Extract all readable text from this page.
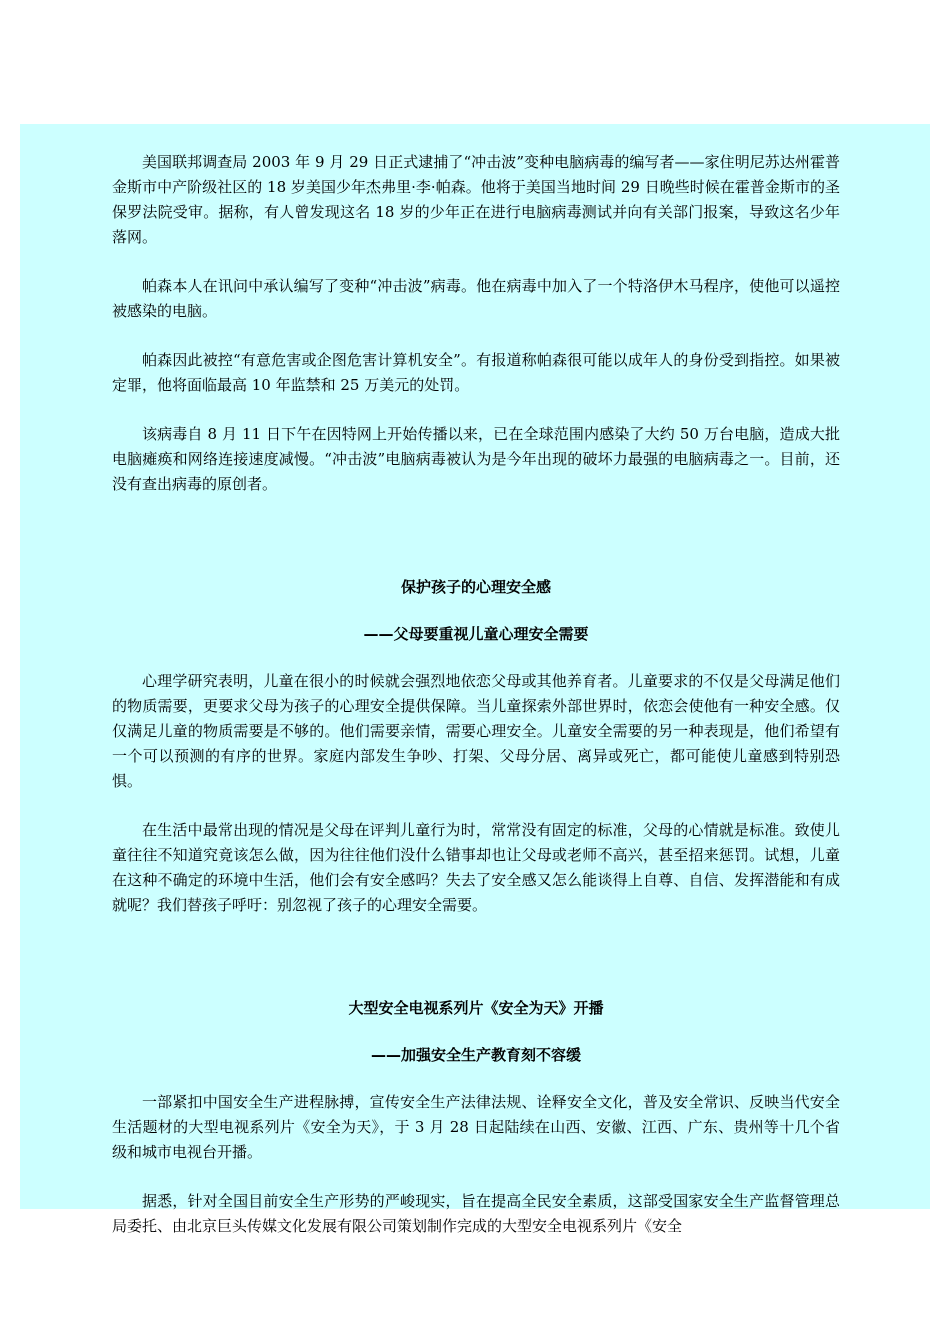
美国联邦调查局 2003 年 9 月 29 日正式逮捕了“冲击波”变种电脑病毒的编写者——家住明尼苏达州霍普金斯市中产阶级社区的 18 岁美国少年杰弗里·李·帕森。他将于美国当地时间 29 日晚些时候在霍普金斯市的圣保罗法院受审。据称，有人曾发现这名 18 岁的少年正在进行电脑病毒测试并向有关部门报案，导致这名少年落网。

帕森本人在讯问中承认编写了变种“冲击波”病毒。他在病毒中加入了一个特洛伊木马程序，使他可以遥控被感染的电脑。

帕森因此被控“有意危害或企图危害计算机安全”。有报道称帕森很可能以成年人的身份受到指控。如果被定罪，他将面临最高 10 年监禁和 25 万美元的处罚。

该病毒自 8 月 11 日下午在因特网上开始传播以来，已在全球范围内感染了大约 50 万台电脑，造成大批电脑瘫痪和网络连接速度减慢。“冲击波”电脑病毒被认为是今年出现的破坏力最强的电脑病毒之一。目前，还没有查出病毒的原创者。

保护孩子的心理安全感
——父母要重视儿童心理安全需要

心理学研究表明，儿童在很小的时候就会强烈地依恋父母或其他养育者。儿童要求的不仅是父母满足他们的物质需要，更要求父母为孩子的心理安全提供保障。当儿童探索外部世界时，依恋会使他有一种安全感。仅仅满足儿童的物质需要是不够的。他们需要亲情，需要心理安全。儿童安全需要的另一种表现是，他们希望有一个可以预测的有序的世界。家庭内部发生争吵、打架、父母分居、离异或死亡，都可能使儿童感到特别恐惧。

在生活中最常出现的情况是父母在评判儿童行为时，常常没有固定的标准，父母的心情就是标准。致使儿童往往不知道究竟该怎么做，因为往往他们没什么错事却也让父母或老师不高兴，甚至招来惩罚。试想，儿童在这种不确定的环境中生活，他们会有安全感吗？失去了安全感又怎么能谈得上自尊、自信、发挥潜能和有成就呢？我们替孩子呼吁：别忽视了孩子的心理安全需要。

大型安全电视系列片《安全为天》开播
——加强安全生产教育刻不容缓

一部紧扣中国安全生产进程脉搏，宣传安全生产法律法规、诠释安全文化，普及安全常识、反映当代安全生活题材的大型电视系列片《安全为天》，于 3 月 28 日起陆续在山西、安徽、江西、广东、贵州等十几个省级和城市电视台开播。

据悉，针对全国目前安全生产形势的严峻现实，旨在提高全民安全素质，这部受国家安全生产监督管理总局委托、由北京巨头传媒文化发展有限公司策划制作完成的大型安全电视系列片《安全
